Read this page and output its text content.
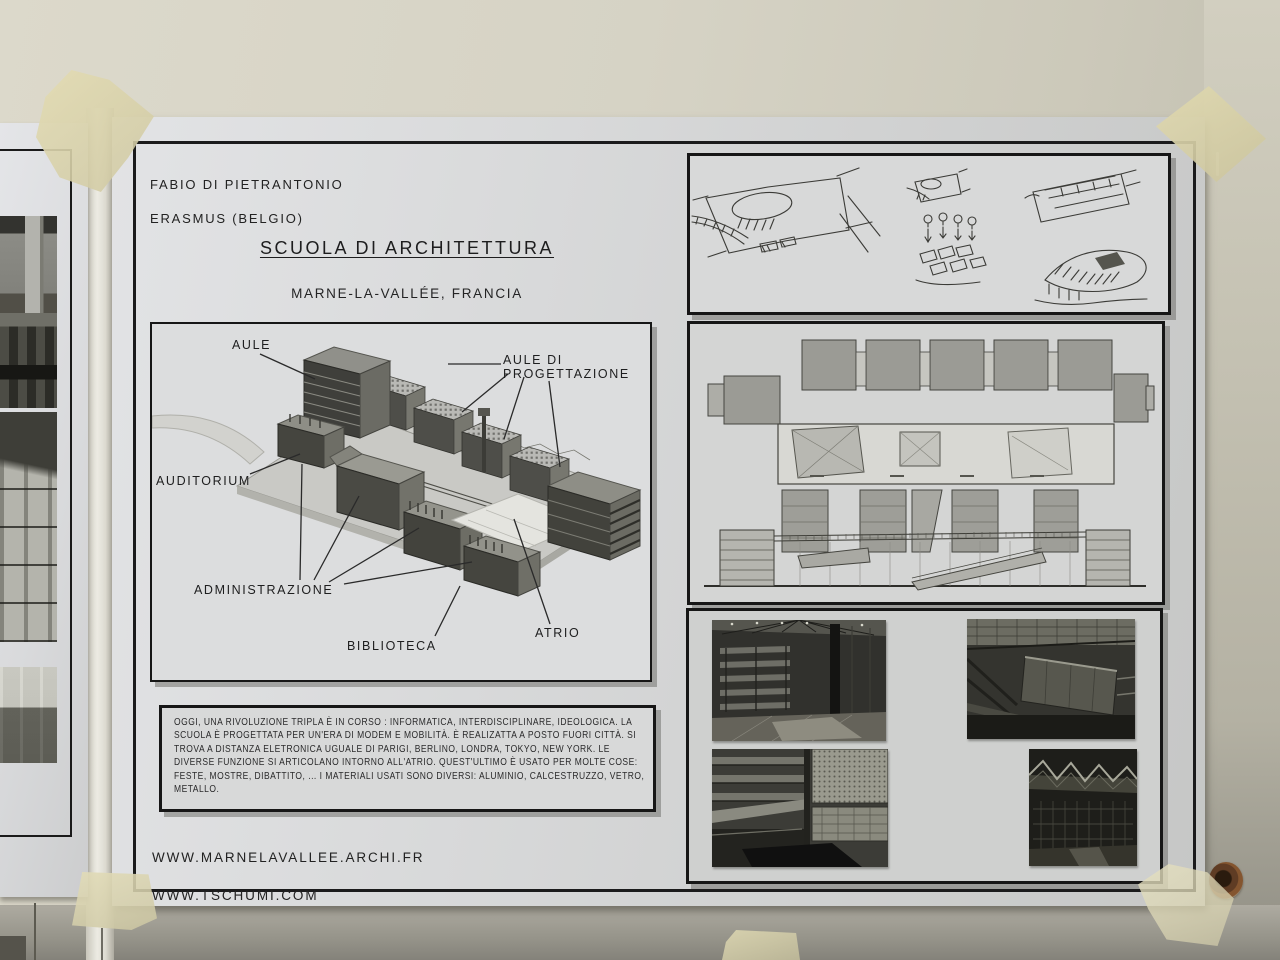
FABIO DI PIETRANTONIO

ERASMUS (BELGIO)

SCUOLA DI ARCHITETTURA

MARNE-LA-VALLÉE, FRANCIA

AULE
AULE DI PROGETTAZIONE
AUDITORIUM
ADMINISTRAZIONE
BIBLIOTECA
ATRIO
OGGI, UNA RIVOLUZIONE TRIPLA È IN CORSO : INFORMATICA, INTERDISCIPLINARE, IDEOLOGICA. LA SCUOLA È PROGETTATA PER UN'ERA DI MODEM E MOBILITÀ. È REALIZATTA A POSTO FUORI CITTÀ. SI TROVA A DISTANZA ELETRONICA UGUALE DI PARIGI, BERLINO, LONDRA, TOKYO, NEW YORK. LE DIVERSE FUNZIONE SI ARTICOLANO INTORNO ALL'ATRIO. QUEST'ULTIMO È USATO PER MOLTE COSE: FESTE, MOSTRE, DIBATTITO, ... I MATERIALI USATI SONO DIVERSI: ALUMINIO, CALCESTRUZZO, VETRO, METALLO.

WWW.MARNELAVALLEE.ARCHI.FR

WWW.TSCHUMI.COM
